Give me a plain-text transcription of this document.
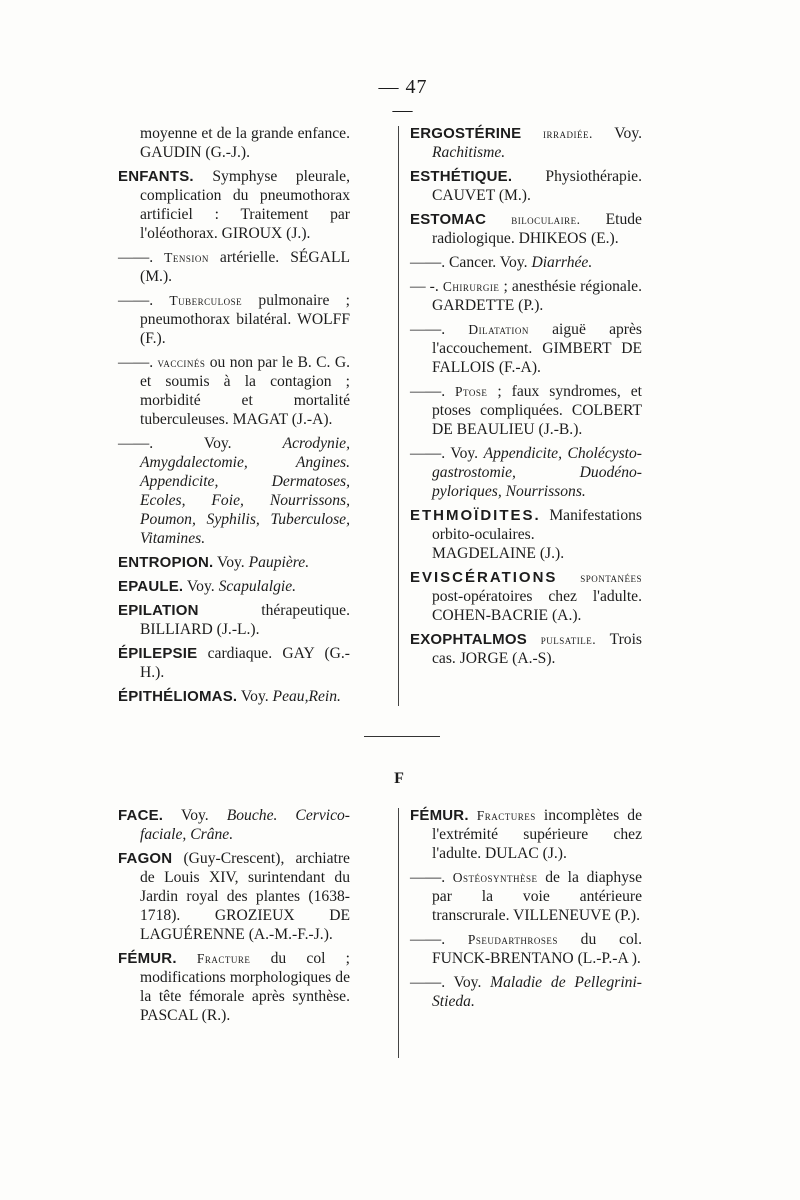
— 47 —
F

moyenne et de la grande enfance. GAUDIN (G.-J.).

ENFANTS. Symphyse pleurale, complication du pneumothorax artificiel : Traitement par l'oléothorax. GIROUX (J.).

——. Tension artérielle. SÉGALL (M.).

——. Tuberculose pulmonaire ; pneumothorax bilatéral. WOLFF (F.).

——. vaccinés ou non par le B. C. G. et soumis à la contagion ; morbidité et mortalité tuberculeuses. MAGAT (J.-A).

——.	Voy.	Acrodynie, Amygdalectomie, Angines. Appendicite, Dermatoses, Ecoles, Foie, Nourrissons, Poumon, Syphilis, Tuberculose, Vitamines.

ENTROPION. Voy. Paupière.

EPAULE. Voy. Scapulalgie.

EPILATION	thérapeutique. BILLIARD (J.-L.).

ÉPILEPSIE cardiaque. GAY (G.-H.).

ÉPITHÉLIOMAS. Voy. Peau,Rein.

ERGOSTÉRINE irradiée. Voy. Rachitisme.

ESTHÉTIQUE. Physiothérapie. CAUVET (M.).

ESTOMAC biloculaire. Etude radiologique. DHIKEOS (E.).

——. Cancer. Voy. Diarrhée.

— -. Chirurgie ; anesthésie régionale. GARDETTE (P.).

——. Dilatation aiguë après l'accouchement. GIMBERT DE FALLOIS (F.-A).

——. Ptose ; faux syndromes, et ptoses compliquées. COLBERT DE BEAULIEU (J.-B.).

——. Voy. Appendicite, Cholécysto-gastrostomie, Duodéno-pyloriques, Nourrissons.

ETHMOÏDITES. Manifestations orbito-oculaires. MAGDELAINE (J.).

EVISCÉRATIONS spontanées post-opératoires chez l'adulte. COHEN-BACRIE (A.).

EXOPHTALMOS pulsatile. Trois cas. JORGE (A.-S).

FACE. Voy. Bouche. Cervico-faciale, Crâne.

FAGON (Guy-Crescent), archiatre de Louis XIV, surintendant du Jardin royal des plantes (1638-1718). GROZIEUX DE LAGUÉRENNE (A.-M.-F.-J.).

FÉMUR. Fracture du col ; modifications morphologiques de la tête fémorale après synthèse. PASCAL (R.).

FÉMUR. Fractures incomplètes de l'extrémité supérieure chez l'adulte. DULAC (J.).

——. Ostéosynthèse de la diaphyse par la voie antérieure transcrurale. VILLENEUVE (P.).

——. Pseudarthroses du col. FUNCK-BRENTANO (L.-P.-A ).

——. Voy. Maladie de Pellegrini-Stieda.
